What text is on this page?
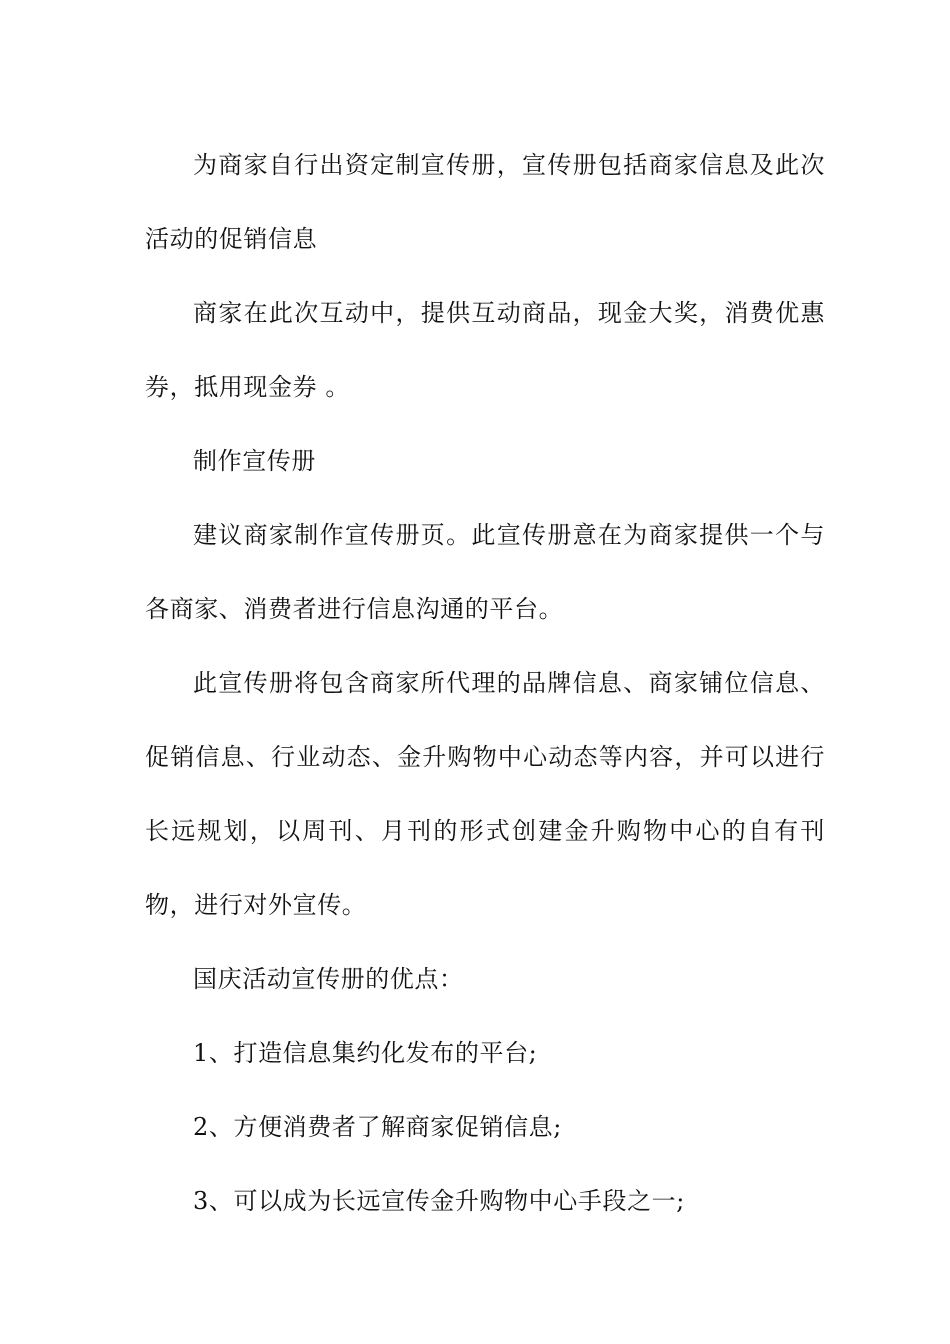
为商家自行出资定制宣传册，宣传册包括商家信息及此次活动的促销信息

商家在此次互动中，提供互动商品，现金大奖，消费优惠券，抵用现金券 。

制作宣传册

建议商家制作宣传册页。此宣传册意在为商家提供一个与各商家、消费者进行信息沟通的平台。

此宣传册将包含商家所代理的品牌信息、商家铺位信息、促销信息、行业动态、金升购物中心动态等内容，并可以进行长远规划，以周刊、月刊的形式创建金升购物中心的自有刊物，进行对外宣传。

国庆活动宣传册的优点：

1、打造信息集约化发布的平台;

2、方便消费者了解商家促销信息;

3、可以成为长远宣传金升购物中心手段之一;
